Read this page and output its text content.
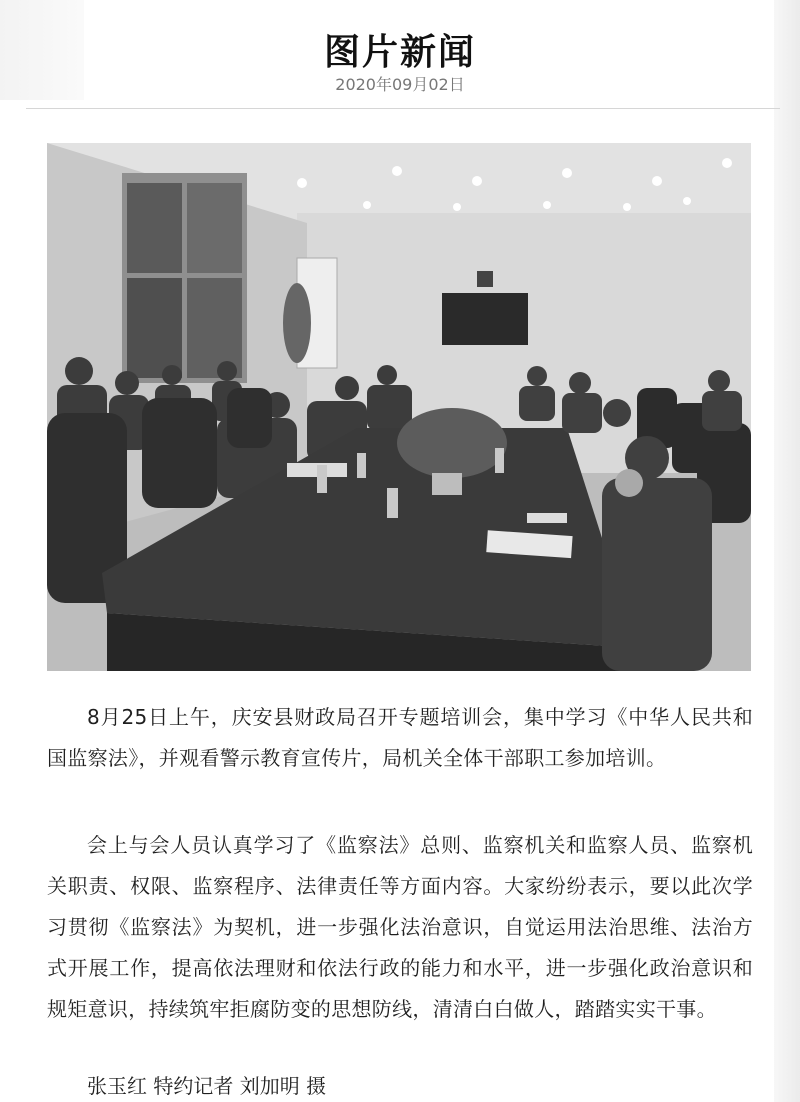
图片新闻
2020年09月02日

8月25日上午，庆安县财政局召开专题培训会，集中学习《中华人民共和国监察法》，并观看警示教育宣传片，局机关全体干部职工参加培训。

会上与会人员认真学习了《监察法》总则、监察机关和监察人员、监察机关职责、权限、监察程序、法律责任等方面内容。大家纷纷表示，要以此次学习贯彻《监察法》为契机，进一步强化法治意识，自觉运用法治思维、法治方式开展工作，提高依法理财和依法行政的能力和水平，进一步强化政治意识和规矩意识，持续筑牢拒腐防变的思想防线，清清白白做人，踏踏实实干事。

张玉红 特约记者 刘加明 摄
